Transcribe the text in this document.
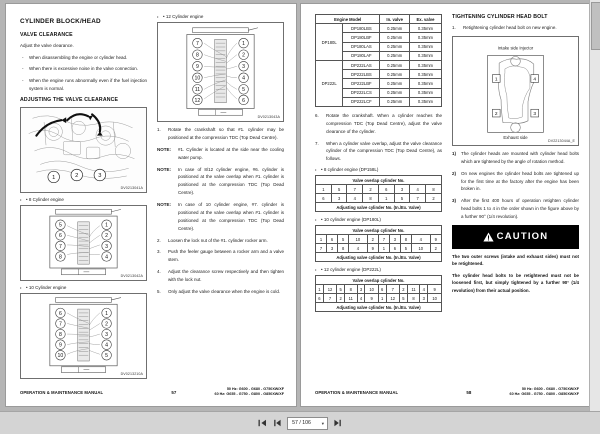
CYLINDER BLOCK/HEAD
VALVE CLEARANCE

Adjust the valve clearance.

- When disassembling the engine or cylinder head.
- When there is excessive noise in the valve connection.
- When the engine runs abnormally even if the fuel injection system is normal.
ADJUSTING THE VALVE CLEARANCE
1	2	3
DV0213041A
• • 8 Cylinder engine
5
6
7
8
1
2
3
4
DV0213042A
• • 10 Cylinder engine
6
7
8
9
10
1
2
3
4
5
DV0213210A
• • 12 Cylinder engine
7
8
9
10
11
12
1
2
3
4
5
6
DV0213043A
1. Rotate the crankshaft so that #1. cylinder may be positioned at the compression TDC (Top Dead Centre).
NOTE: #1. Cylinder is located at the side near the cooling water pump.
NOTE: In case of 8/12 cylinder engine, #6. cylinder is positioned at the valve overlap when #1. cylinder is positioned at the compression TDC (Top Dead Centre).
NOTE: In case of 10 cylinder engine, #7. cylinder is positioned at the valve overlap when #1. cylinder is positioned at the compression TDC (Top Dead Centre).
2. Loosen the lock nut of the #1. cylinder rocker arm.
3. Push the feeler gauge between a rocker arm and a valve stem.
4. Adjust the clearance screw respectively and then tighten with the lock nut.
5. Only adjust the valve clearance when the engine is cold.
OPERATION & MAINTENANCE MANUAL	57
50 Hz: G600 - G680 - G750XW/XF
60 Hz: G655 - G750 - G800 - G850XW/XF
Engine Model		In. valve	Ex. valve
DP180L	DP180LBS	0.25mm	0.35mm
	DP180LBF	0.25mm	0.35mm
	DP180LAS	0.25mm	0.35mm
	DP180LAF	0.25mm	0.35mm
DP222L	DP222LAS	0.25mm	0.35mm
	DP222LBS	0.25mm	0.35mm
	DP222LBF	0.25mm	0.35mm
	DP222LCS	0.25mm	0.35mm
	DP222LCF	0.25mm	0.35mm
6. Rotate the crankshaft. When a cylinder reaches the compression TDC (Top Dead Centre), adjust the valve clearance of the cylinder.
7. When a cylinder valve overlap, adjust the valve clearance cylinder of the compression TDC (Top Dead Centre), as follows.
• • 8 cylinder engine (DP158L)
Valve overlap cylinder No.							
1	5	7	2	6	3	4	8
6	3	4	8	1	5	7	2
Adjusting valve cylinder No. (In./Ex. Valve)							
• • 10 cylinder engine (DP180L)
Valve overlap cylinder No.									
1	6	5	10	2	7	3	8	4	9
7	3	8	4	9	1	6	5	10	2
Adjusting valve cylinder No. (In./Ex. Valve)									
• • 12 cylinder engine (DP222L)
Valve overlap cylinder No.											
1	12	5	8	3	10	6	7	2	11	4	9
6	7	2	11	4	9	1	12	5	8	3	10
Adjusting valve cylinder No. (In./Ex. Valve)											
TIGHTENING CYLINDER HEAD BOLT
1. Retightening cylinder head bolt on new engine.
Intake side Injector
1	4
2	3
Exhaust side
DV2213044A_E
1) The cylinder heads are mounted with cylinder head bolts which are tightened by the angle of rotation method.
2) On new engines the cylinder head bolts are tightened up for the first time at the factory after the engine has been broken in.
3) After the first 400 hours of operation retighten cylinder head bolts 1 to 4 in the order shown in the figure above by a further 90° (1/4 revolution).
CAUTION

The two outer screws (intake and exhaust sides) must not be retightened.

The cylinder head bolts to be retightened must not be loosened first, but simply tightened by a further 90° (1/4 revolution) from their actual position.

OPERATION & MAINTENANCE MANUAL	58
50 Hz: G600 - G680 - G750XW/XF
60 Hz: G655 - G750 - G800 - G850XW/XF
57 / 106	▼
